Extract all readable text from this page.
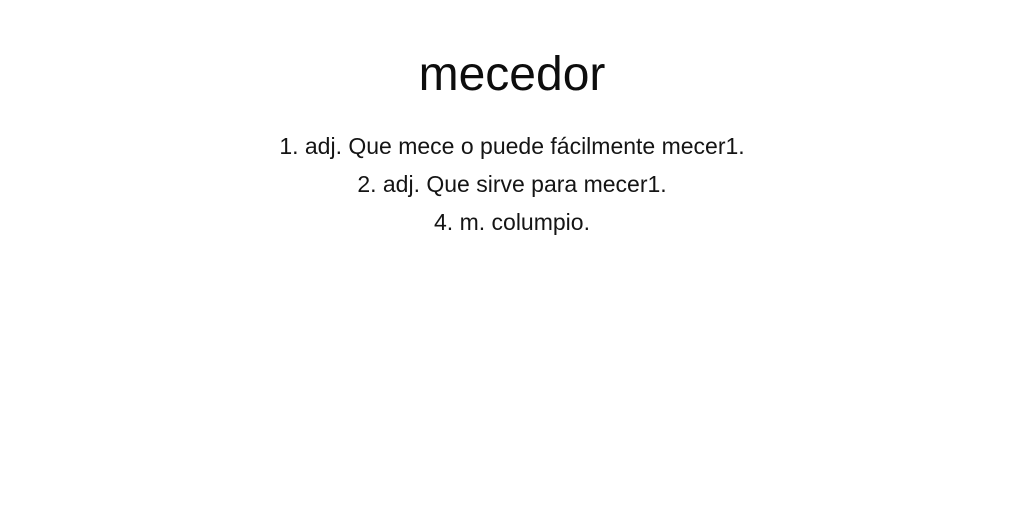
mecedor
1. adj. Que mece o puede fácilmente mecer1.
2. adj. Que sirve para mecer1.
4. m. columpio.
